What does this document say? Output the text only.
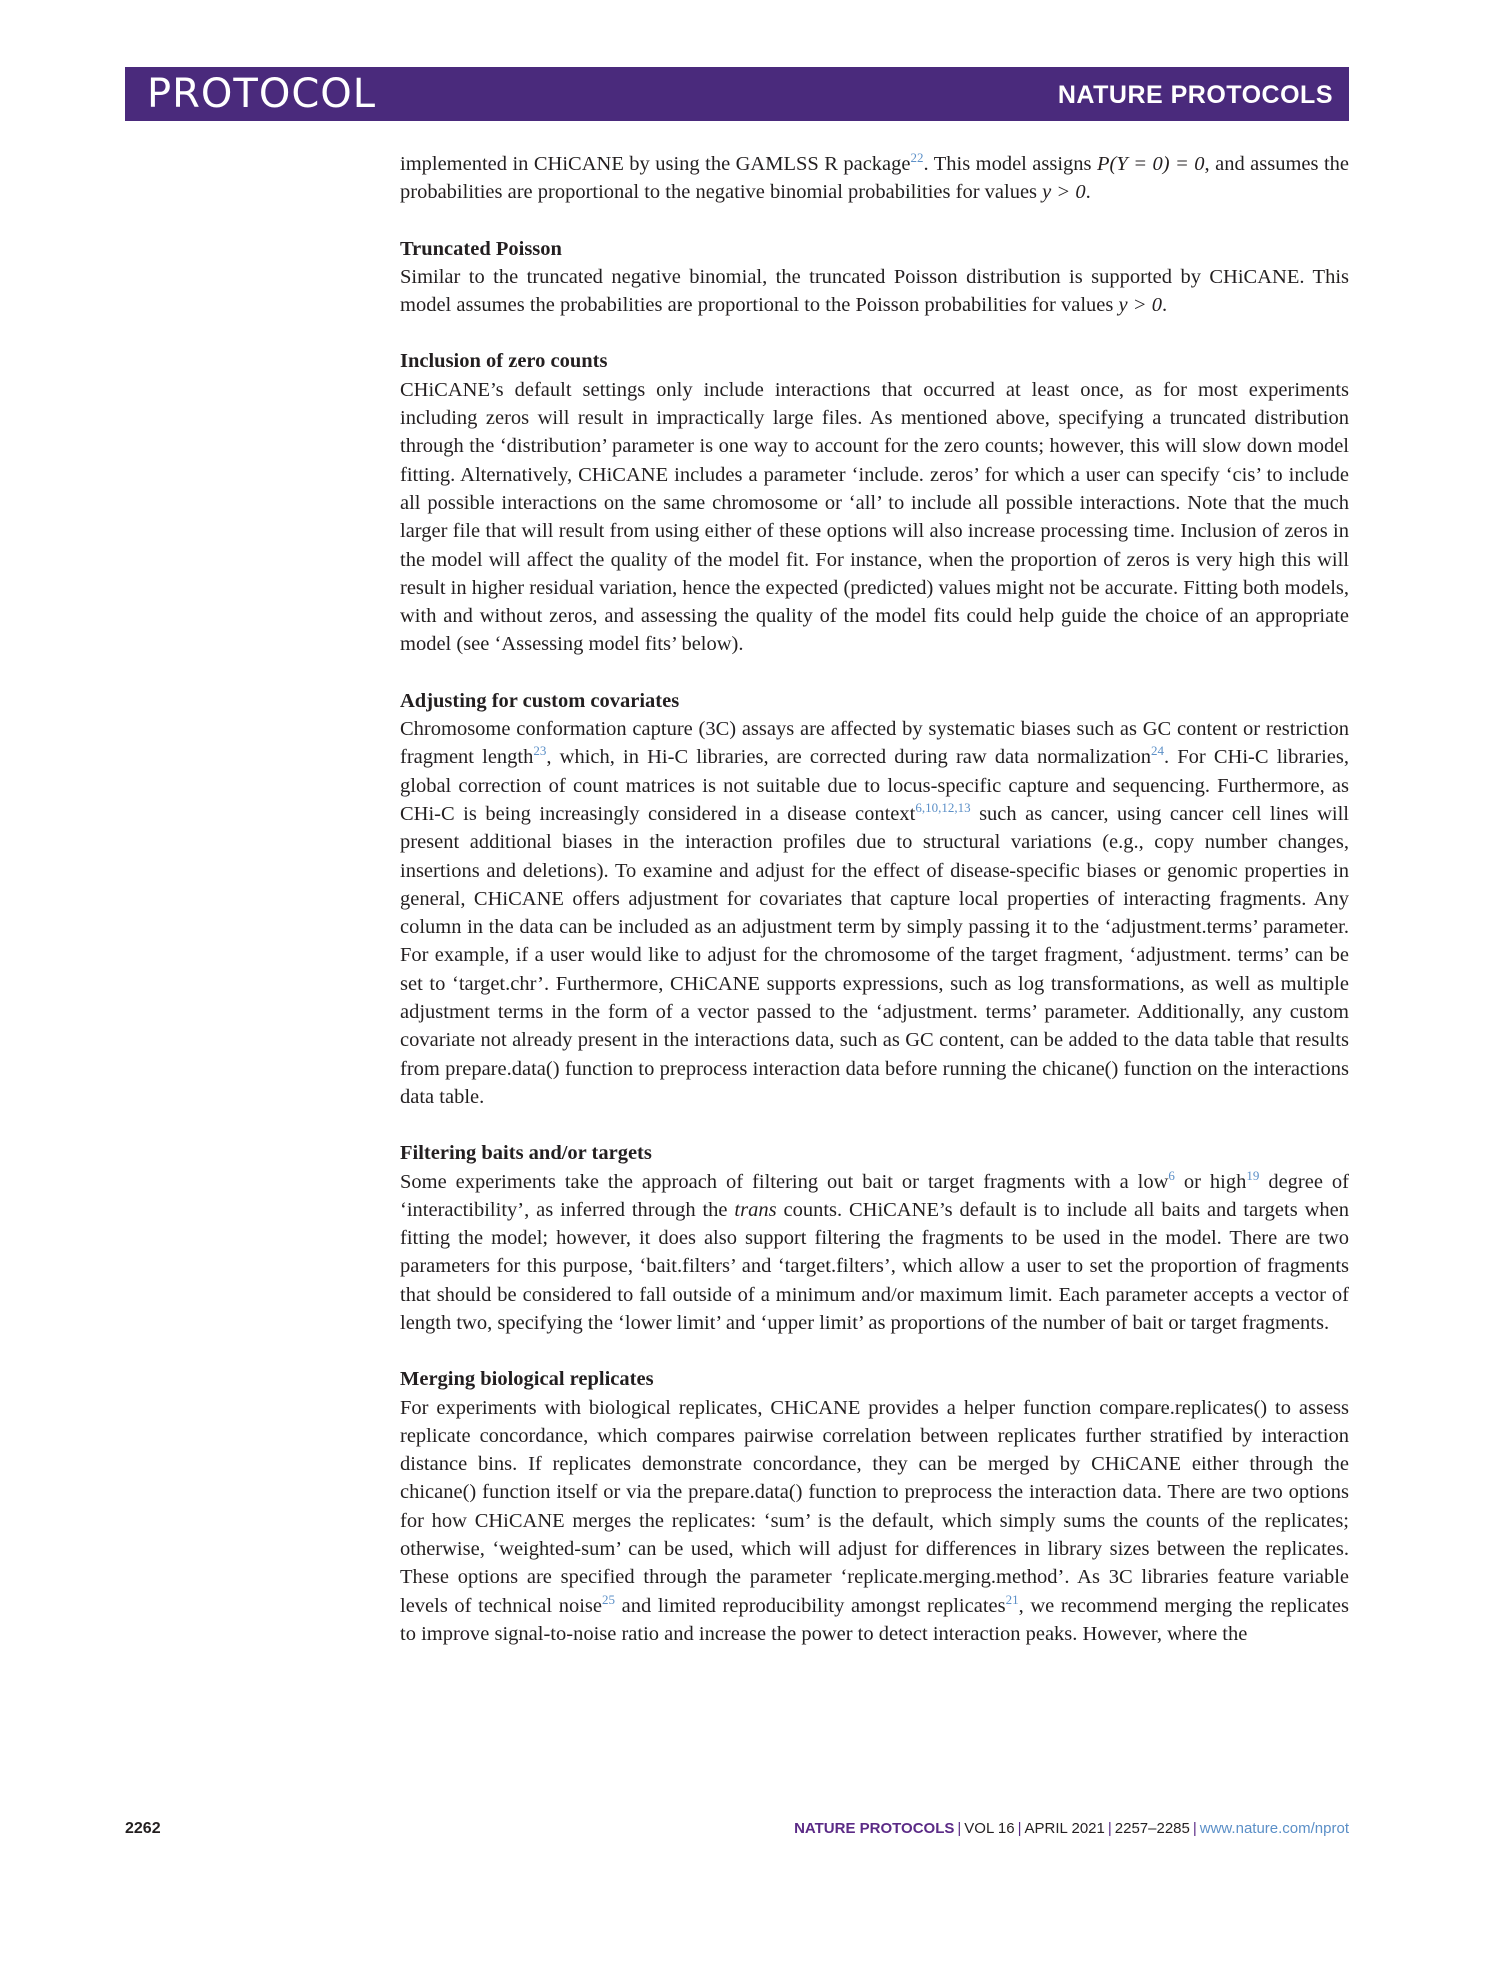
PROTOCOL	NATURE PROTOCOLS

implemented in CHiCANE by using the GAMLSS R package$^{22}$. This model assigns P(Y = 0) = 0, and assumes the probabilities are proportional to the negative binomial probabilities for values y > 0.

Truncated Poisson

Similar to the truncated negative binomial, the truncated Poisson distribution is supported by CHiCANE. This model assumes the probabilities are proportional to the Poisson probabilities for values y > 0.

Inclusion of zero counts

CHiCANE’s default settings only include interactions that occurred at least once, as for most experiments including zeros will result in impractically large files. As mentioned above, specifying a truncated distribution through the ‘distribution’ parameter is one way to account for the zero counts; however, this will slow down model fitting. Alternatively, CHiCANE includes a parameter ‘include. zeros’ for which a user can specify ‘cis’ to include all possible interactions on the same chromosome or ‘all’ to include all possible interactions. Note that the much larger file that will result from using either of these options will also increase processing time. Inclusion of zeros in the model will affect the quality of the model fit. For instance, when the proportion of zeros is very high this will result in higher residual variation, hence the expected (predicted) values might not be accurate. Fitting both models, with and without zeros, and assessing the quality of the model fits could help guide the choice of an appropriate model (see ‘Assessing model fits’ below).

Adjusting for custom covariates

Chromosome conformation capture (3C) assays are affected by systematic biases such as GC content or restriction fragment length$^{23}$, which, in Hi-C libraries, are corrected during raw data normalization$^{24}$. For CHi-C libraries, global correction of count matrices is not suitable due to locus-specific capture and sequencing. Furthermore, as CHi-C is being increasingly considered in a disease context$^{6,10,12,13}$ such as cancer, using cancer cell lines will present additional biases in the interaction profiles due to structural variations (e.g., copy number changes, insertions and deletions). To examine and adjust for the effect of disease-specific biases or genomic properties in general, CHiCANE offers adjustment for covariates that capture local properties of interacting fragments. Any column in the data can be included as an adjustment term by simply passing it to the ‘adjustment.terms’ parameter. For example, if a user would like to adjust for the chromosome of the target fragment, ‘adjustment. terms’ can be set to ‘target.chr’. Furthermore, CHiCANE supports expressions, such as log transformations, as well as multiple adjustment terms in the form of a vector passed to the ‘adjustment. terms’ parameter. Additionally, any custom covariate not already present in the interactions data, such as GC content, can be added to the data table that results from prepare.data() function to preprocess interaction data before running the chicane() function on the interactions data table.

Filtering baits and/or targets

Some experiments take the approach of filtering out bait or target fragments with a low$^6$ or high$^{19}$ degree of ‘interactibility’, as inferred through the trans counts. CHiCANE’s default is to include all baits and targets when fitting the model; however, it does also support filtering the fragments to be used in the model. There are two parameters for this purpose, ‘bait.filters’ and ‘target.filters’, which allow a user to set the proportion of fragments that should be considered to fall outside of a minimum and/or maximum limit. Each parameter accepts a vector of length two, specifying the ‘lower limit’ and ‘upper limit’ as proportions of the number of bait or target fragments.

Merging biological replicates

For experiments with biological replicates, CHiCANE provides a helper function compare.replicates() to assess replicate concordance, which compares pairwise correlation between replicates further stratified by interaction distance bins. If replicates demonstrate concordance, they can be merged by CHiCANE either through the chicane() function itself or via the prepare.data() function to preprocess the interaction data. There are two options for how CHiCANE merges the replicates: ‘sum’ is the default, which simply sums the counts of the replicates; otherwise, ‘weighted-sum’ can be used, which will adjust for differences in library sizes between the replicates. These options are specified through the parameter ‘replicate.merging.method’. As 3C libraries feature variable levels of technical noise$^{25}$ and limited reproducibility amongst replicates$^{21}$, we recommend merging the replicates to improve signal-to-noise ratio and increase the power to detect interaction peaks. However, where the

2262	NATURE PROTOCOLS | VOL 16 | APRIL 2021 | 2257–2285 | www.nature.com/nprot
